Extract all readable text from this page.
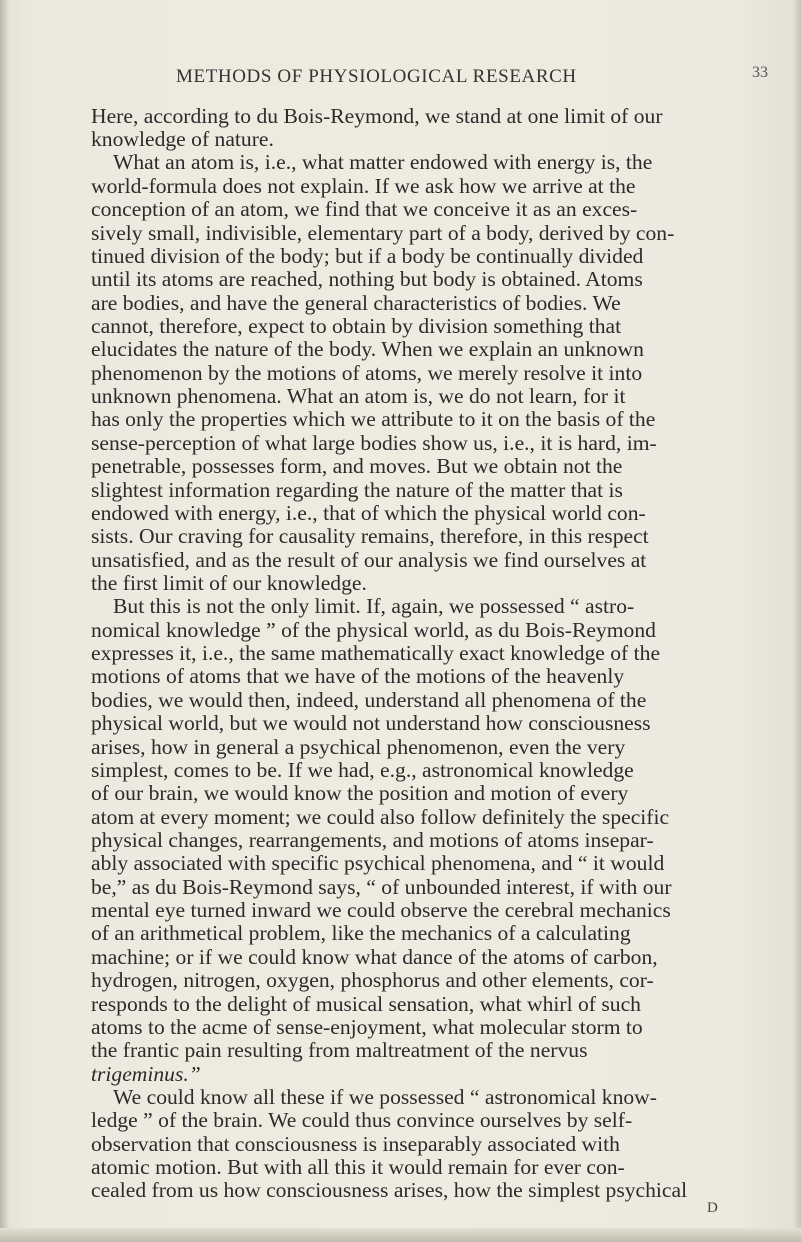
METHODS OF PHYSIOLOGICAL RESEARCH	33
Here, according to du Bois-Reymond, we stand at one limit of our
knowledge of nature.
What an atom is, i.e., what matter endowed with energy is, the
world-formula does not explain. If we ask how we arrive at the
conception of an atom, we find that we conceive it as an exces-
sively small, indivisible, elementary part of a body, derived by con-
tinued division of the body; but if a body be continually divided
until its atoms are reached, nothing but body is obtained. Atoms
are bodies, and have the general characteristics of bodies. We
cannot, therefore, expect to obtain by division something that
elucidates the nature of the body. When we explain an unknown
phenomenon by the motions of atoms, we merely resolve it into
unknown phenomena. What an atom is, we do not learn, for it
has only the properties which we attribute to it on the basis of the
sense-perception of what large bodies show us, i.e., it is hard, im-
penetrable, possesses form, and moves. But we obtain not the
slightest information regarding the nature of the matter that is
endowed with energy, i.e., that of which the physical world con-
sists. Our craving for causality remains, therefore, in this respect
unsatisfied, and as the result of our analysis we find ourselves at
the first limit of our knowledge.
But this is not the only limit. If, again, we possessed “ astro-
nomical knowledge ” of the physical world, as du Bois-Reymond
expresses it, i.e., the same mathematically exact knowledge of the
motions of atoms that we have of the motions of the heavenly
bodies, we would then, indeed, understand all phenomena of the
physical world, but we would not understand how consciousness
arises, how in general a psychical phenomenon, even the very
simplest, comes to be. If we had, e.g., astronomical knowledge
of our brain, we would know the position and motion of every
atom at every moment; we could also follow definitely the specific
physical changes, rearrangements, and motions of atoms insepar-
ably associated with specific psychical phenomena, and “ it would
be,” as du Bois-Reymond says, “ of unbounded interest, if with our
mental eye turned inward we could observe the cerebral mechanics
of an arithmetical problem, like the mechanics of a calculating
machine; or if we could know what dance of the atoms of carbon,
hydrogen, nitrogen, oxygen, phosphorus and other elements, cor-
responds to the delight of musical sensation, what whirl of such
atoms to the acme of sense-enjoyment, what molecular storm to
the frantic pain resulting from maltreatment of the nervus
trigeminus.”
We could know all these if we possessed “ astronomical know-
ledge ” of the brain. We could thus convince ourselves by self-
observation that consciousness is inseparably associated with
atomic motion. But with all this it would remain for ever con-
cealed from us how consciousness arises, how the simplest psychical
D
